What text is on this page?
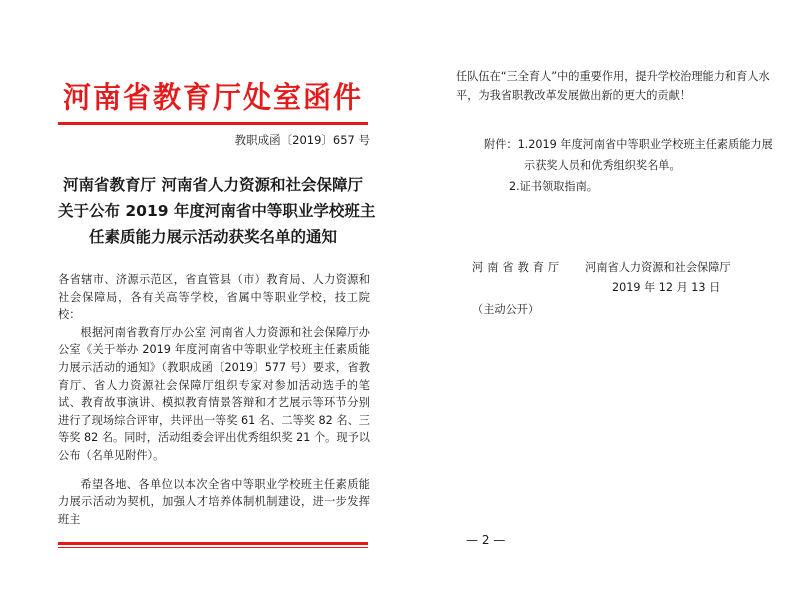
河南省教育厅处室函件
教职成函〔2019〕657 号
河南省教育厅 河南省人力资源和社会保障厅
关于公布 2019 年度河南省中等职业学校班主
任素质能力展示活动获奖名单的通知

各省辖市、济源示范区，省直管县（市）教育局、人力资源和社会保障局，各有关高等学校，省属中等职业学校，技工院校：

根据河南省教育厅办公室 河南省人力资源和社会保障厅办公室《关于举办 2019 年度河南省中等职业学校班主任素质能力展示活动的通知》（教职成函〔2019〕577 号）要求，省教育厅、省人力资源社会保障厅组织专家对参加活动选手的笔试、教育故事演讲、模拟教育情景答辩和才艺展示等环节分别进行了现场综合评审，共评出一等奖 61 名、二等奖 82 名、三等奖 82 名。同时，活动组委会评出优秀组织奖 21 个。现予以公布（名单见附件）。

希望各地、各单位以本次全省中等职业学校班主任素质能力展示活动为契机，加强人才培养体制机制建设，进一步发挥班主

任队伍在“三全育人”中的重要作用，提升学校治理能力和育人水平，为我省职教改革发展做出新的更大的贡献！

附件：1.2019 年度河南省中等职业学校班主任素质能力展
示获奖人员和优秀组织奖名单。
2.证书领取指南。
河南省教育厅 河南省人力资源和社会保障厅
2019 年 12 月 13 日
（主动公开）
— 2 —
